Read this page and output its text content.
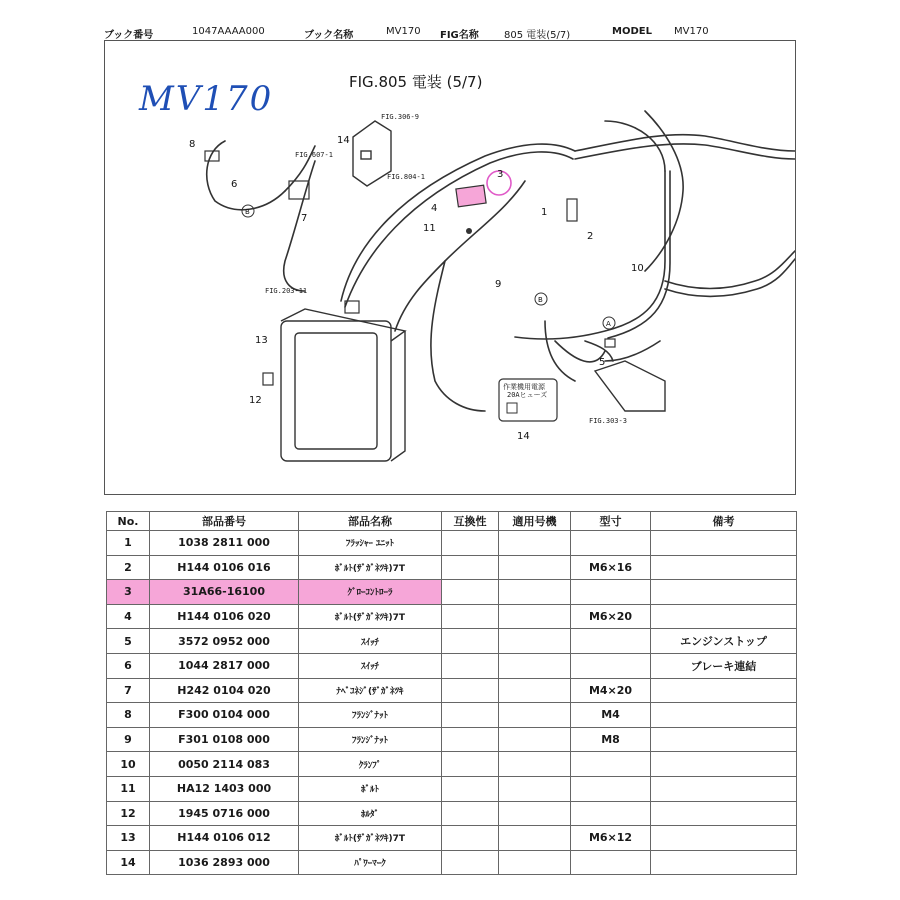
ブック番号	1047AAAA000	ブック名称	MV170 FIG名称	805 電装(5/7)	MODEL MV170
B
B
A
作業機用電源
20Aヒューズ
FIG.306-9
FIG.607-1
FIG.804-1
FIG.203-11
FIG.303-3
1
2
3
4
5
6
7
8
9
10
11
12
13
14
14
MV170	FIG.805 電装 (5/7)
No.	部品番号	部品名称	互換性	適用号機	型寸	備考
1	1038 2811 000	ﾌﾗｯｼｬｰ ﾕﾆｯﾄ				
2	H144 0106 016	ﾎﾞﾙﾄ(ｻﾞｶﾞﾈﾂｷ)7T			M6×16	
3	31A66-16100	ｸﾞﾛｰｺﾝﾄﾛｰﾗ				
4	H144 0106 020	ﾎﾞﾙﾄ(ｻﾞｶﾞﾈﾂｷ)7T			M6×20	
5	3572 0952 000	ｽｲｯﾁ				エンジンストップ
6	1044 2817 000	ｽｲｯﾁ				ブレーキ連結
7	H242 0104 020	ﾅﾍﾞｺﾈｼﾞ(ｻﾞｶﾞﾈﾂｷ			M4×20	
8	F300 0104 000	ﾌﾗﾝｼﾞﾅｯﾄ			M4	
9	F301 0108 000	ﾌﾗﾝｼﾞﾅｯﾄ			M8	
10	0050 2114 083	ｸﾗﾝﾌﾟ				
11	HA12 1403 000	ﾎﾞﾙﾄ				
12	1945 0716 000	ﾎﾙﾀﾞ				
13	H144 0106 012	ﾎﾞﾙﾄ(ｻﾞｶﾞﾈﾂｷ)7T			M6×12	
14	1036 2893 000	ﾊﾟﾜｰﾏｰｸ				
